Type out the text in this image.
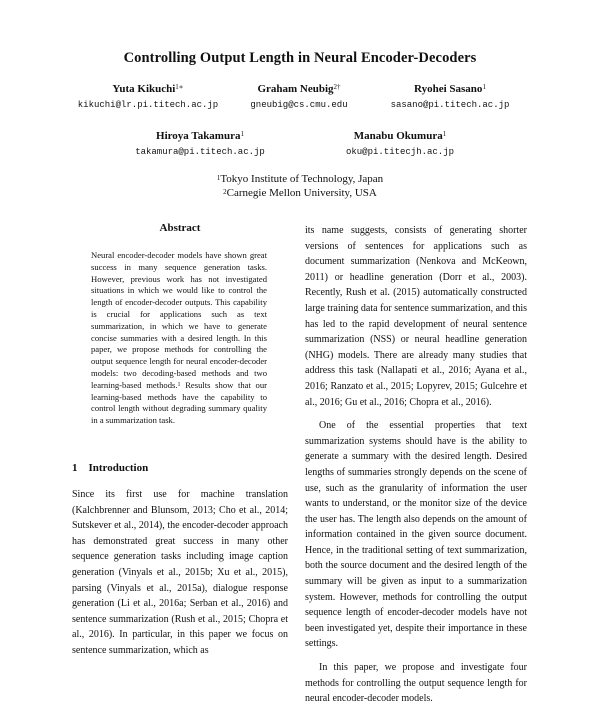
Controlling Output Length in Neural Encoder-Decoders
Yuta Kikuchi$^{1∗}$
kikuchi@lr.pi.titech.ac.jp
Graham Neubig$^{2\dagger}$
gneubig@cs.cmu.edu
Ryohei Sasano$^1$
sasano@pi.titech.ac.jp
Hiroya Takamura$^1$
takamura@pi.titech.ac.jp
Manabu Okumura$^1$
oku@pi.titecjh.ac.jp
$^1$Tokyo Institute of Technology, Japan
$^2$Carnegie Mellon University, USA
Abstract
Neural encoder-decoder models have shown great success in many sequence generation tasks. However, previous work has not investigated situations in which we would like to control the length of encoder-decoder outputs. This capability is crucial for applications such as text summarization, in which we have to generate concise summaries with a desired length. In this paper, we propose methods for controlling the output sequence length for neural encoder-decoder models: two decoding-based methods and two learning-based methods.$^1$ Results show that our learning-based methods have the capability to control length without degrading summary quality in a summarization task.
1 Introduction
Since its first use for machine translation (Kalchbrenner and Blunsom, 2013; Cho et al., 2014; Sutskever et al., 2014), the encoder-decoder approach has demonstrated great success in many other sequence generation tasks including image caption generation (Vinyals et al., 2015b; Xu et al., 2015), parsing (Vinyals et al., 2015a), dialogue response generation (Li et al., 2016a; Serban et al., 2016) and sentence summarization (Rush et al., 2015; Chopra et al., 2016). In particular, in this paper we focus on sentence summarization, which as

its name suggests, consists of generating shorter versions of sentences for applications such as document summarization (Nenkova and McKeown, 2011) or headline generation (Dorr et al., 2003). Recently, Rush et al. (2015) automatically constructed large training data for sentence summarization, and this has led to the rapid development of neural sentence summarization (NSS) or neural headline generation (NHG) models. There are already many studies that address this task (Nallapati et al., 2016; Ayana et al., 2016; Ranzato et al., 2015; Lopyrev, 2015; Gulcehre et al., 2016; Gu et al., 2016; Chopra et al., 2016).

One of the essential properties that text summarization systems should have is the ability to generate a summary with the desired length. Desired lengths of summaries strongly depends on the scene of use, such as the granularity of information the user wants to understand, or the monitor size of the device the user has. The length also depends on the amount of information contained in the given source document. Hence, in the traditional setting of text summarization, both the source document and the desired length of the summary will be given as input to a summarization system. However, methods for controlling the output sequence length of encoder-decoder models have not been investigated yet, despite their importance in these settings.

In this paper, we propose and investigate four methods for controlling the output sequence length for neural encoder-decoder models.
